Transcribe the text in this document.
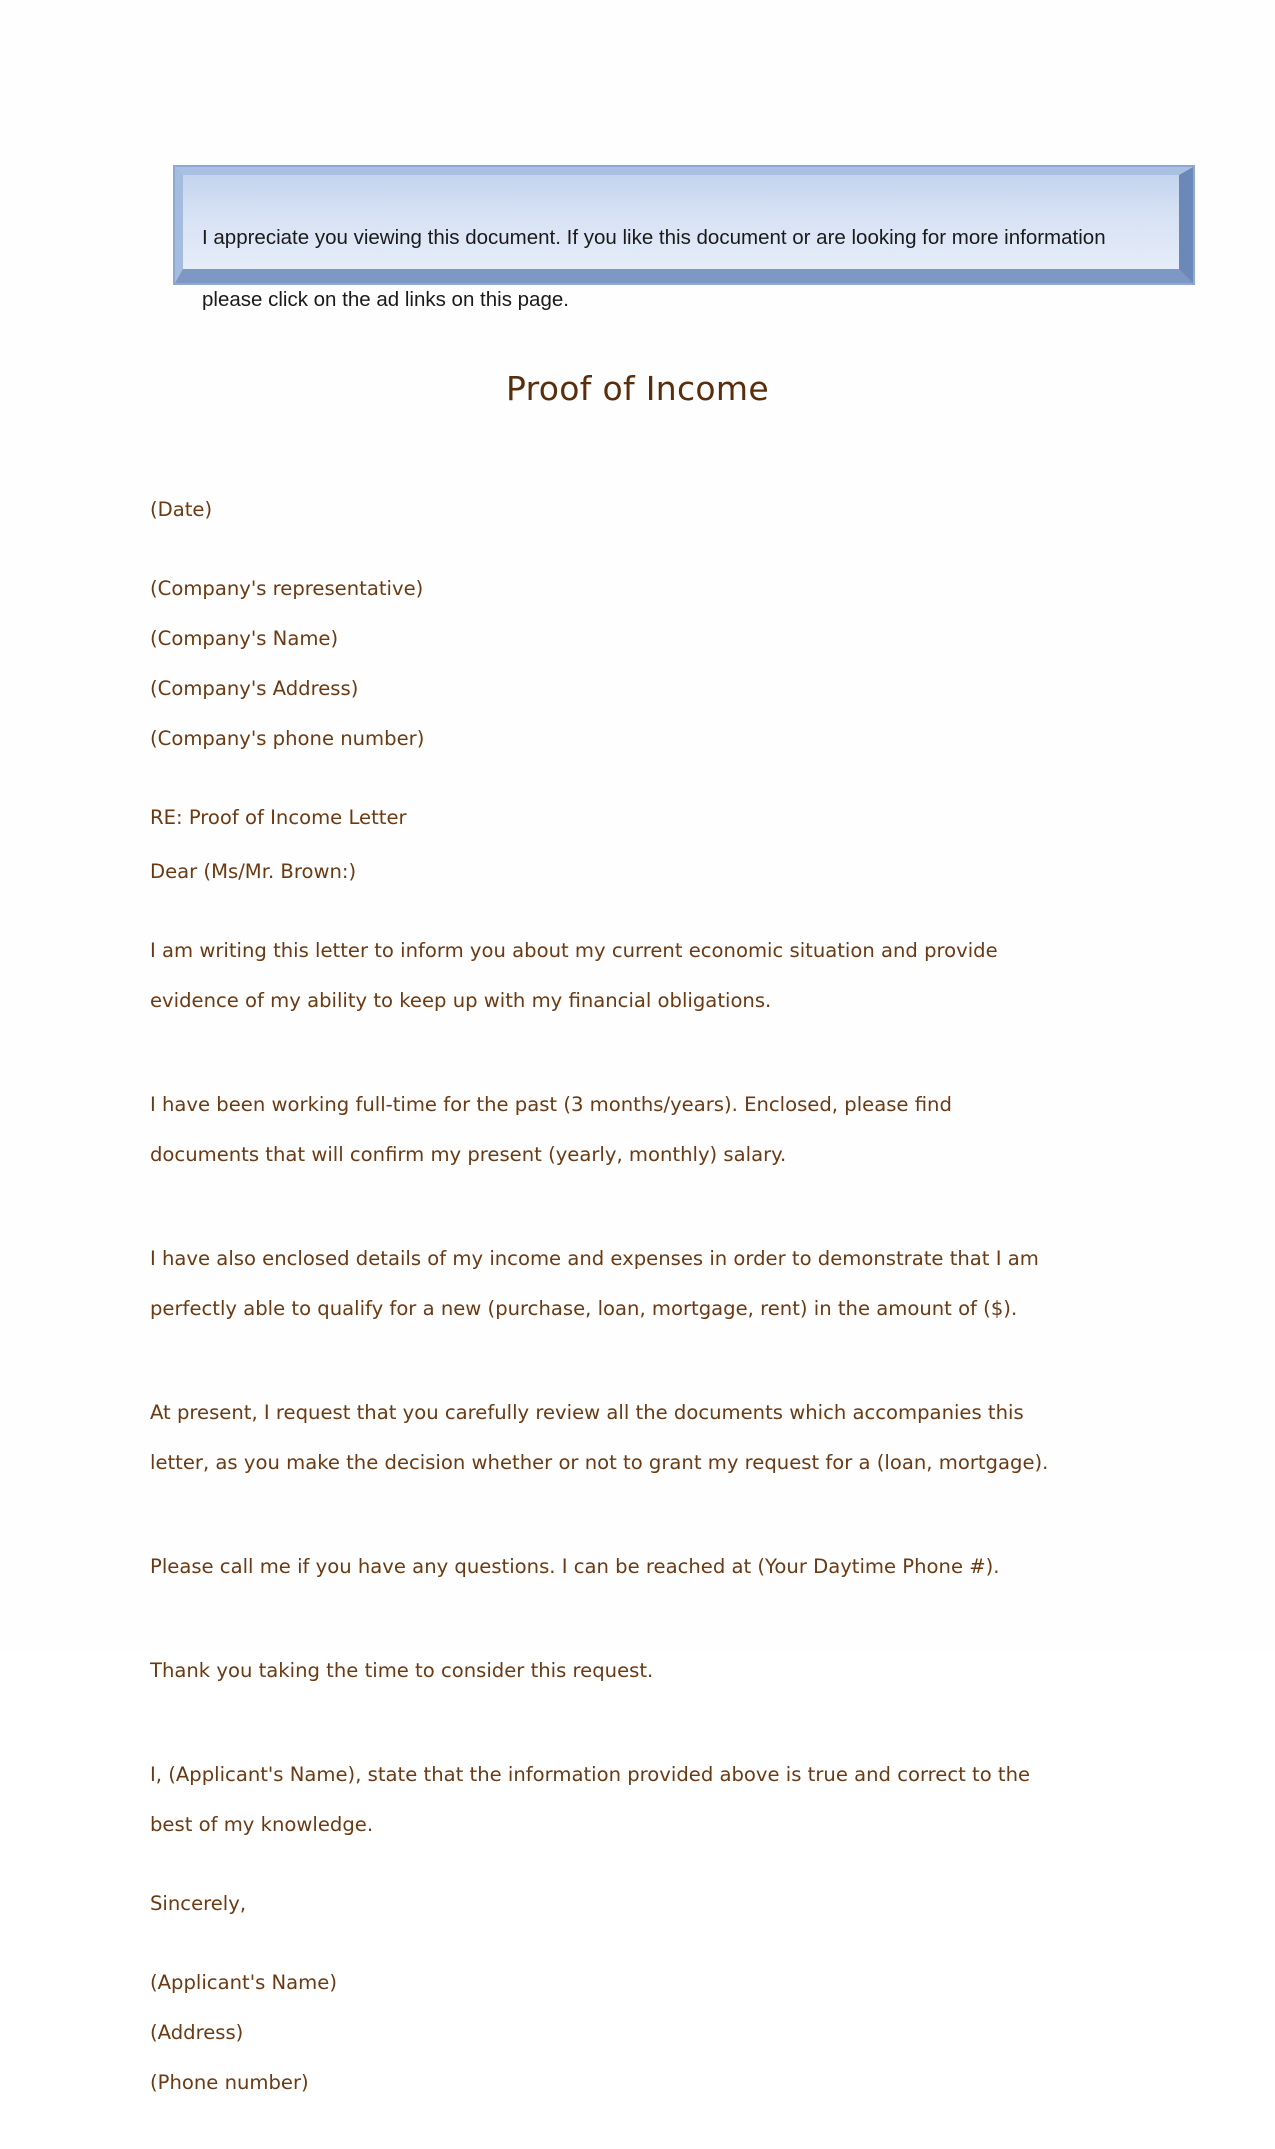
I appreciate you viewing this document. If you like this document or are looking for more information

please click on the ad links on this page.

Proof of Income
(Date)

(Company's representative)

(Company's Name)

(Company's Address)

(Company's phone number)

RE: Proof of Income Letter
Dear (Ms/Mr. Brown:)

I am writing this letter to inform you about my current economic situation and provide

evidence of my ability to keep up with my financial obligations.

I have been working full-time for the past (3 months/years). Enclosed, please find

documents that will confirm my present (yearly, monthly) salary.

I have also enclosed details of my income and expenses in order to demonstrate that I am

perfectly able to qualify for a new (purchase, loan, mortgage, rent) in the amount of ($).

At present, I request that you carefully review all the documents which accompanies this

letter, as you make the decision whether or not to grant my request for a (loan, mortgage).

Please call me if you have any questions. I can be reached at (Your Daytime Phone #).

Thank you taking the time to consider this request.

I, (Applicant's Name), state that the information provided above is true and correct to the

best of my knowledge.

Sincerely,

(Applicant's Name)

(Address)

(Phone number)
